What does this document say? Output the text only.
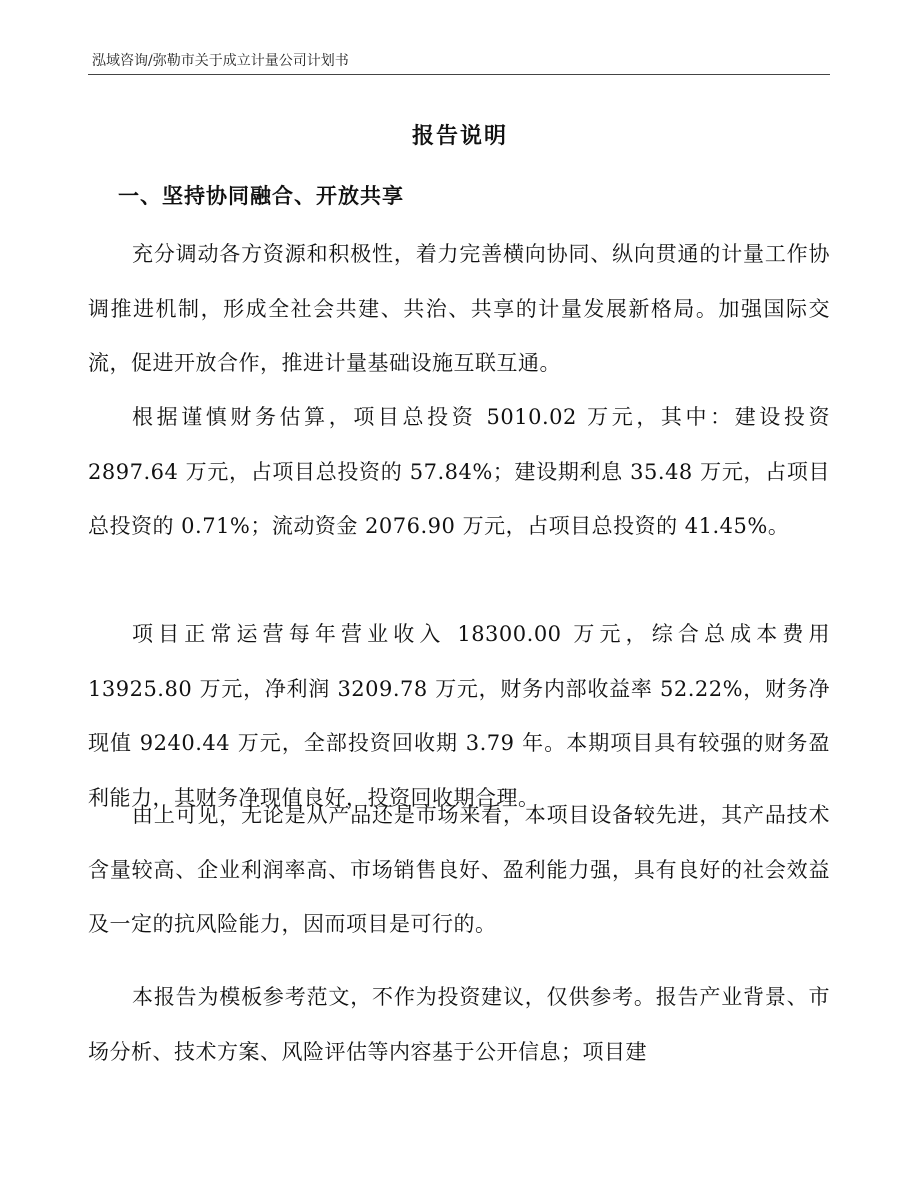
泓域咨询/弥勒市关于成立计量公司计划书
报告说明
一、坚持协同融合、开放共享

充分调动各方资源和积极性，着力完善横向协同、纵向贯通的计量工作协调推进机制，形成全社会共建、共治、共享的计量发展新格局。加强国际交流，促进开放合作，推进计量基础设施互联互通。

根据谨慎财务估算，项目总投资 5010.02 万元，其中：建设投资 2897.64 万元，占项目总投资的 57.84%；建设期利息 35.48 万元，占项目总投资的 0.71%；流动资金 2076.90 万元，占项目总投资的 41.45%。

项目正常运营每年营业收入 18300.00 万元，综合总成本费用 13925.80 万元，净利润 3209.78 万元，财务内部收益率 52.22%，财务净现值 9240.44 万元，全部投资回收期 3.79 年。本期项目具有较强的财务盈利能力，其财务净现值良好，投资回收期合理。

由上可见，无论是从产品还是市场来看，本项目设备较先进，其产品技术含量较高、企业利润率高、市场销售良好、盈利能力强，具有良好的社会效益及一定的抗风险能力，因而项目是可行的。

本报告为模板参考范文，不作为投资建议，仅供参考。报告产业背景、市场分析、技术方案、风险评估等内容基于公开信息；项目建
